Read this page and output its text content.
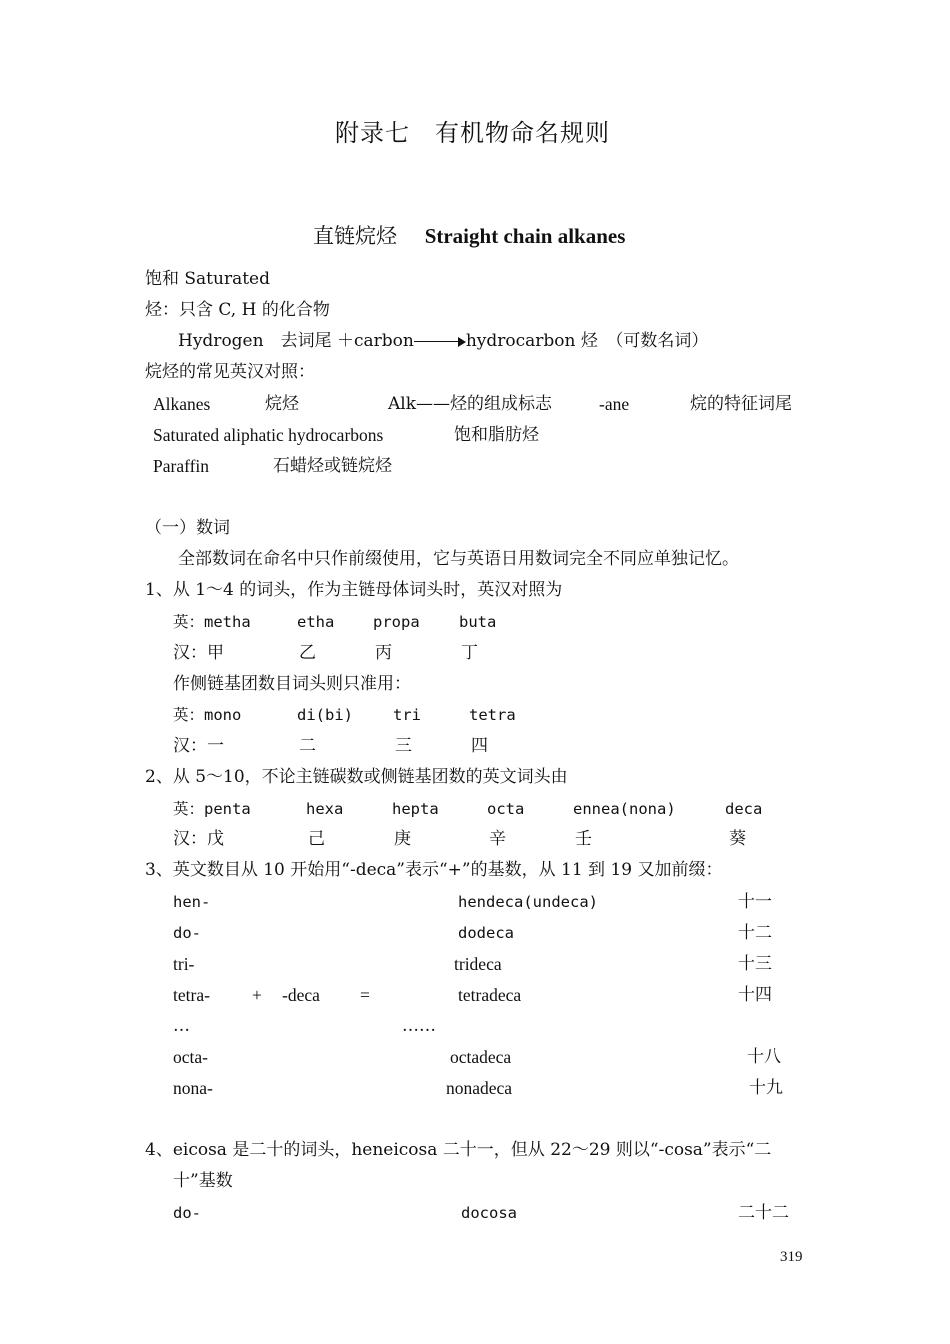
附录七　有机物命名规则
直链烷烃　 Straight chain alkanes
饱和 Saturated
烃：只含 C, H 的化合物
Hydrogen　去词尾 ＋carbon	hydrocarbon 烃　（可数名词）
烷烃的常见英汉对照：
Alkanes	烷烃	Alk——烃的组成标志	-ane	烷的特征词尾
Saturated aliphatic hydrocarbons	饱和脂肪烃
Paraffin	石蜡烃或链烷烃
（一）数词
全部数词在命名中只作前缀使用，它与英语日用数词完全不同应单独记忆。
1、从 1～4 的词头，作为主链母体词头时，英汉对照为
英：metha	etha propa	buta
汉：甲	乙	丙	丁
作侧链基团数目词头则只准用：
英：mono	di(bi)	tri	tetra
汉：一	二	三	四
2、从 5～10，不论主链碳数或侧链基团数的英文词头由
英：penta	hexa	hepta	octa	ennea(nona)	deca
汉：戊	己	庚	辛	壬	葵
3、英文数目从 10 开始用“-deca”表示“+”的基数，从 11 到 19 又加前缀：
hen-	hendeca(undeca)	十一
do-	dodeca	十二
tri-	trideca	十三
tetra- + -deca =	tetradeca	十四
…	……
octa-	octadeca	十八
nona-	nonadeca	十九
4、eicosa 是二十的词头，heneicosa 二十一，但从 22～29 则以“-cosa”表示“二
十”基数
do-	docosa	二十二
319
